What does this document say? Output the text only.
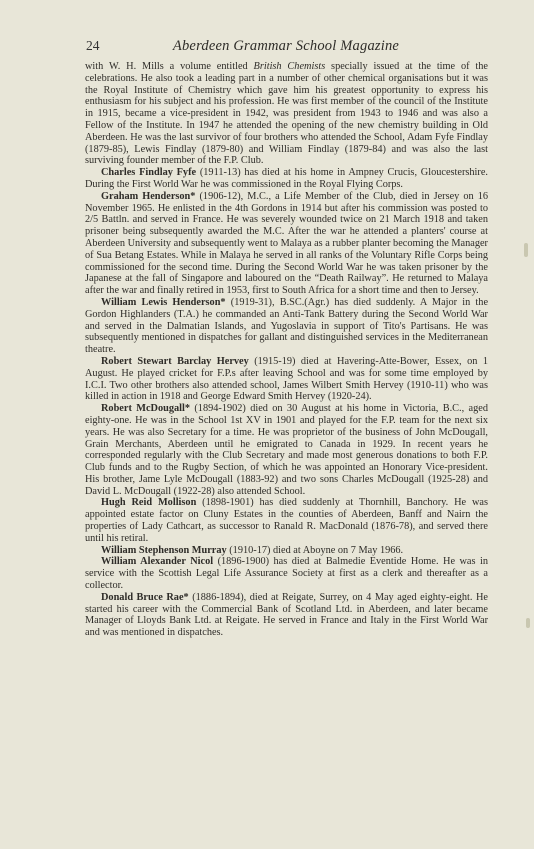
24	Aberdeen Grammar School Magazine

with W. H. Mills a volume entitled British Chemists specially issued at the time of the celebrations. He also took a leading part in a number of other chemical organisations but it was the Royal Institute of Chemistry which gave him his greatest opportunity to express his enthusiasm for his subject and his profession. He was first member of the council of the Institute in 1915, became a vice-president in 1942, was president from 1943 to 1946 and was also a Fellow of the Institute. In 1947 he attended the opening of the new chemistry building in Old Aberdeen. He was the last survivor of four brothers who attended the School, Adam Fyfe Findlay (1879-85), Lewis Findlay (1879-80) and William Findlay (1879-84) and was also the last surviving founder member of the F.P. Club.

Charles Findlay Fyfe (1911-13) has died at his home in Ampney Crucis, Gloucestershire. During the First World War he was commissioned in the Royal Flying Corps.

Graham Henderson* (1906-12), M.C., a Life Member of the Club, died in Jersey on 16 November 1965. He enlisted in the 4th Gordons in 1914 but after his commission was posted to 2/5 Battln. and served in France. He was severely wounded twice on 21 March 1918 and taken prisoner being subsequently awarded the M.C. After the war he attended a planters' course at Aberdeen University and subsequently went to Malaya as a rubber planter becoming the Manager of Sua Betang Estates. While in Malaya he served in all ranks of the Voluntary Rifle Corps being commissioned for the second time. During the Second World War he was taken prisoner by the Japanese at the fall of Singapore and laboured on the “Death Railway”. He returned to Malaya after the war and finally retired in 1953, first to South Africa for a short time and then to Jersey.

William Lewis Henderson* (1919-31), B.SC.(Agr.) has died suddenly. A Major in the Gordon Highlanders (T.A.) he commanded an Anti-Tank Battery during the Second World War and served in the Dalmatian Islands, and Yugoslavia in support of Tito's Partisans. He was subsequently mentioned in dispatches for gallant and distinguished services in the Mediterranean theatre.

Robert Stewart Barclay Hervey (1915-19) died at Havering-Atte-Bower, Essex, on 1 August. He played cricket for F.P.s after leaving School and was for some time employed by I.C.I. Two other brothers also attended school, James Wilbert Smith Hervey (1910-11) who was killed in action in 1918 and George Edward Smith Hervey (1920-24).

Robert McDougall* (1894-1902) died on 30 August at his home in Victoria, B.C., aged eighty-one. He was in the School 1st XV in 1901 and played for the F.P. team for the next six years. He was also Secretary for a time. He was proprietor of the business of John McDougall, Grain Merchants, Aberdeen until he emigrated to Canada in 1929. In recent years he corresponded regularly with the Club Secretary and made most generous donations to both F.P. Club funds and to the Rugby Section, of which he was appointed an Honorary Vice-president. His brother, Jame Lyle McDougall (1883-92) and two sons Charles McDougall (1925-28) and David L. McDougall (1922-28) also attended School.

Hugh Reid Mollison (1898-1901) has died suddenly at Thornhill, Banchory. He was appointed estate factor on Cluny Estates in the counties of Aberdeen, Banff and Nairn the properties of Lady Cathcart, as successor to Ranald R. MacDonald (1876-78), and served there until his retiral.

William Stephenson Murray (1910-17) died at Aboyne on 7 May 1966.

William Alexander Nicol (1896-1900) has died at Balmedie Eventide Home. He was in service with the Scottish Legal Life Assurance Society at first as a clerk and thereafter as a collector.

Donald Bruce Rae* (1886-1894), died at Reigate, Surrey, on 4 May aged eighty-eight. He started his career with the Commercial Bank of Scotland Ltd. in Aberdeen, and later became Manager of Lloyds Bank Ltd. at Reigate. He served in France and Italy in the First World War and was mentioned in dispatches.
